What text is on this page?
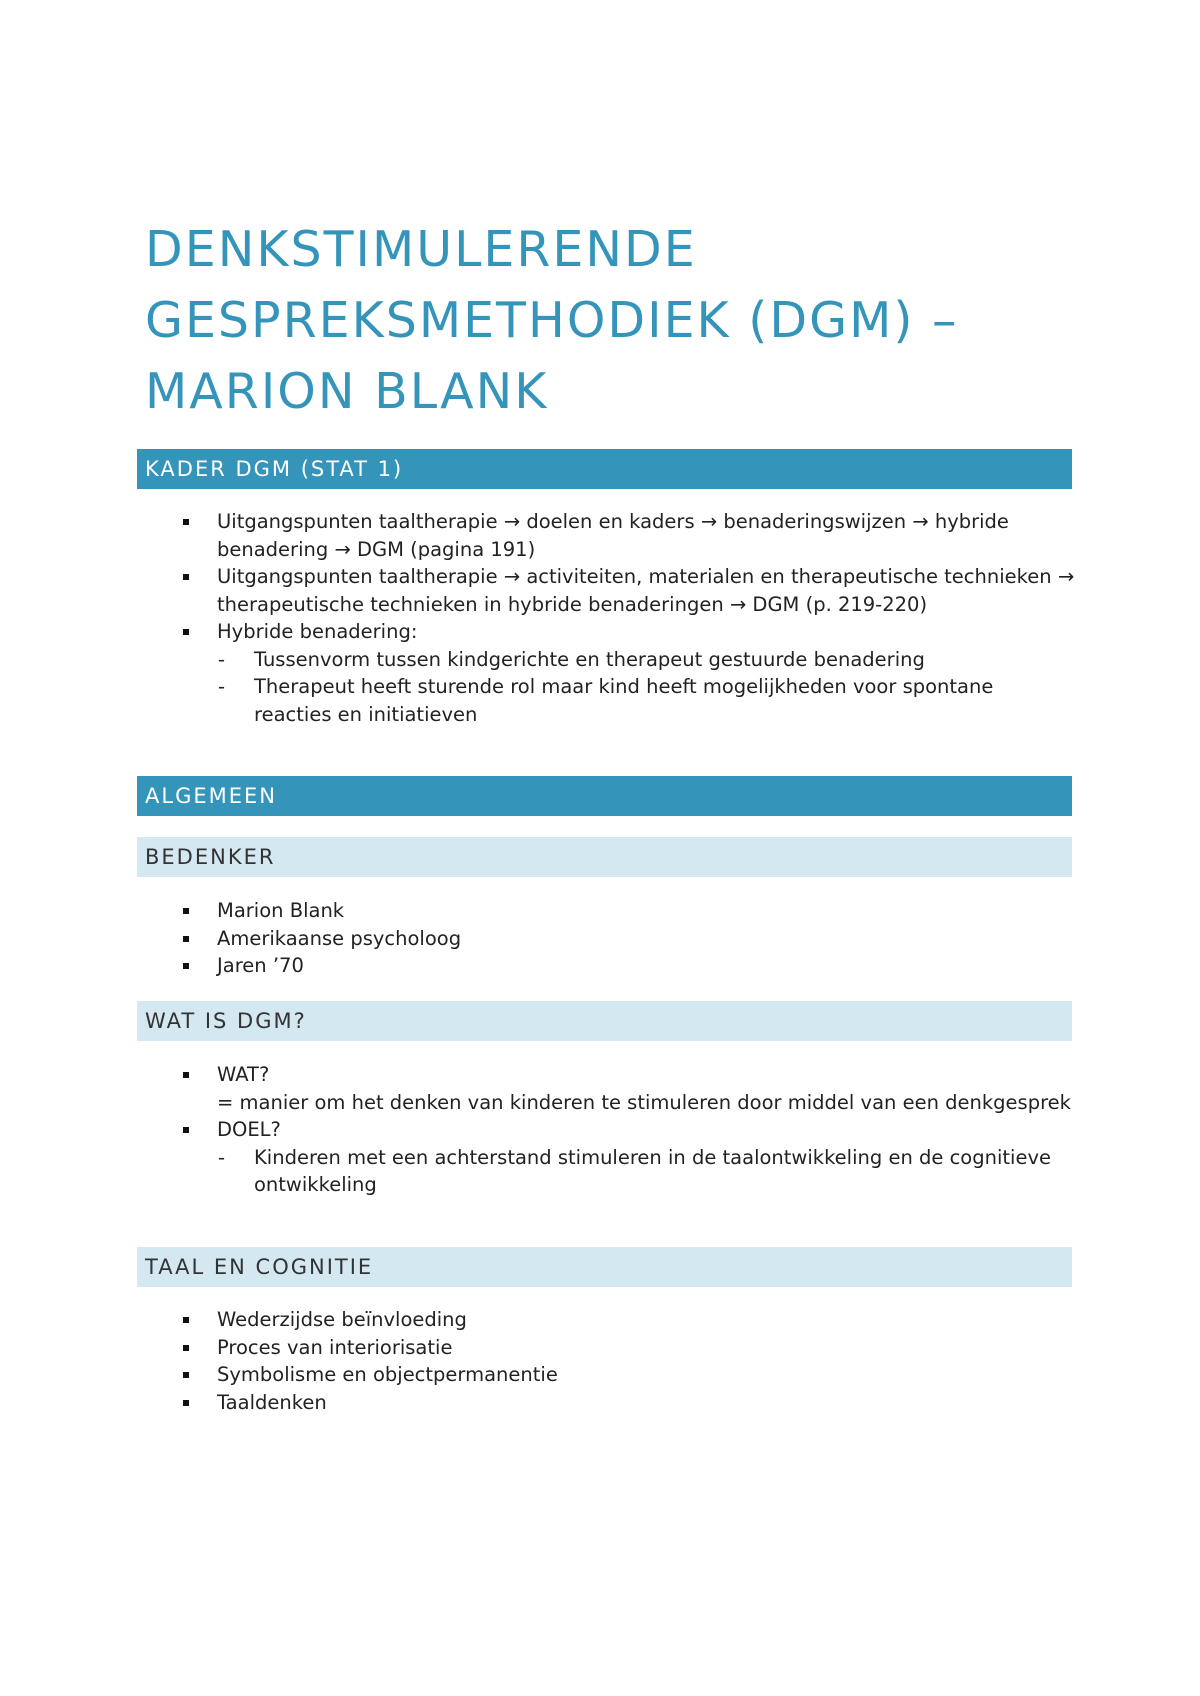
DENKSTIMULERENDE
GESPREKSMETHODIEK (DGM) –
MARION BLANK
KADER DGM (STAT 1)
Uitgangspunten taaltherapie → doelen en kaders → benaderingswijzen → hybride benadering → DGM (pagina 191)
Uitgangspunten taaltherapie → activiteiten, materialen en therapeutische technieken → therapeutische technieken in hybride benaderingen → DGM (p. 219-220)
Hybride benadering:
- Tussenvorm tussen kindgerichte en therapeut gestuurde benadering
- Therapeut heeft sturende rol maar kind heeft mogelijkheden voor spontane reacties en initiatieven
ALGEMEEN
BEDENKER
Marion Blank
Amerikaanse psycholoog
Jaren ’70
WAT IS DGM?
WAT?
= manier om het denken van kinderen te stimuleren door middel van een denkgesprek
DOEL?
- Kinderen met een achterstand stimuleren in de taalontwikkeling en de cognitieve ontwikkeling
TAAL EN COGNITIE
Wederzijdse beïnvloeding
Proces van interiorisatie
Symbolisme en objectpermanentie
Taaldenken
